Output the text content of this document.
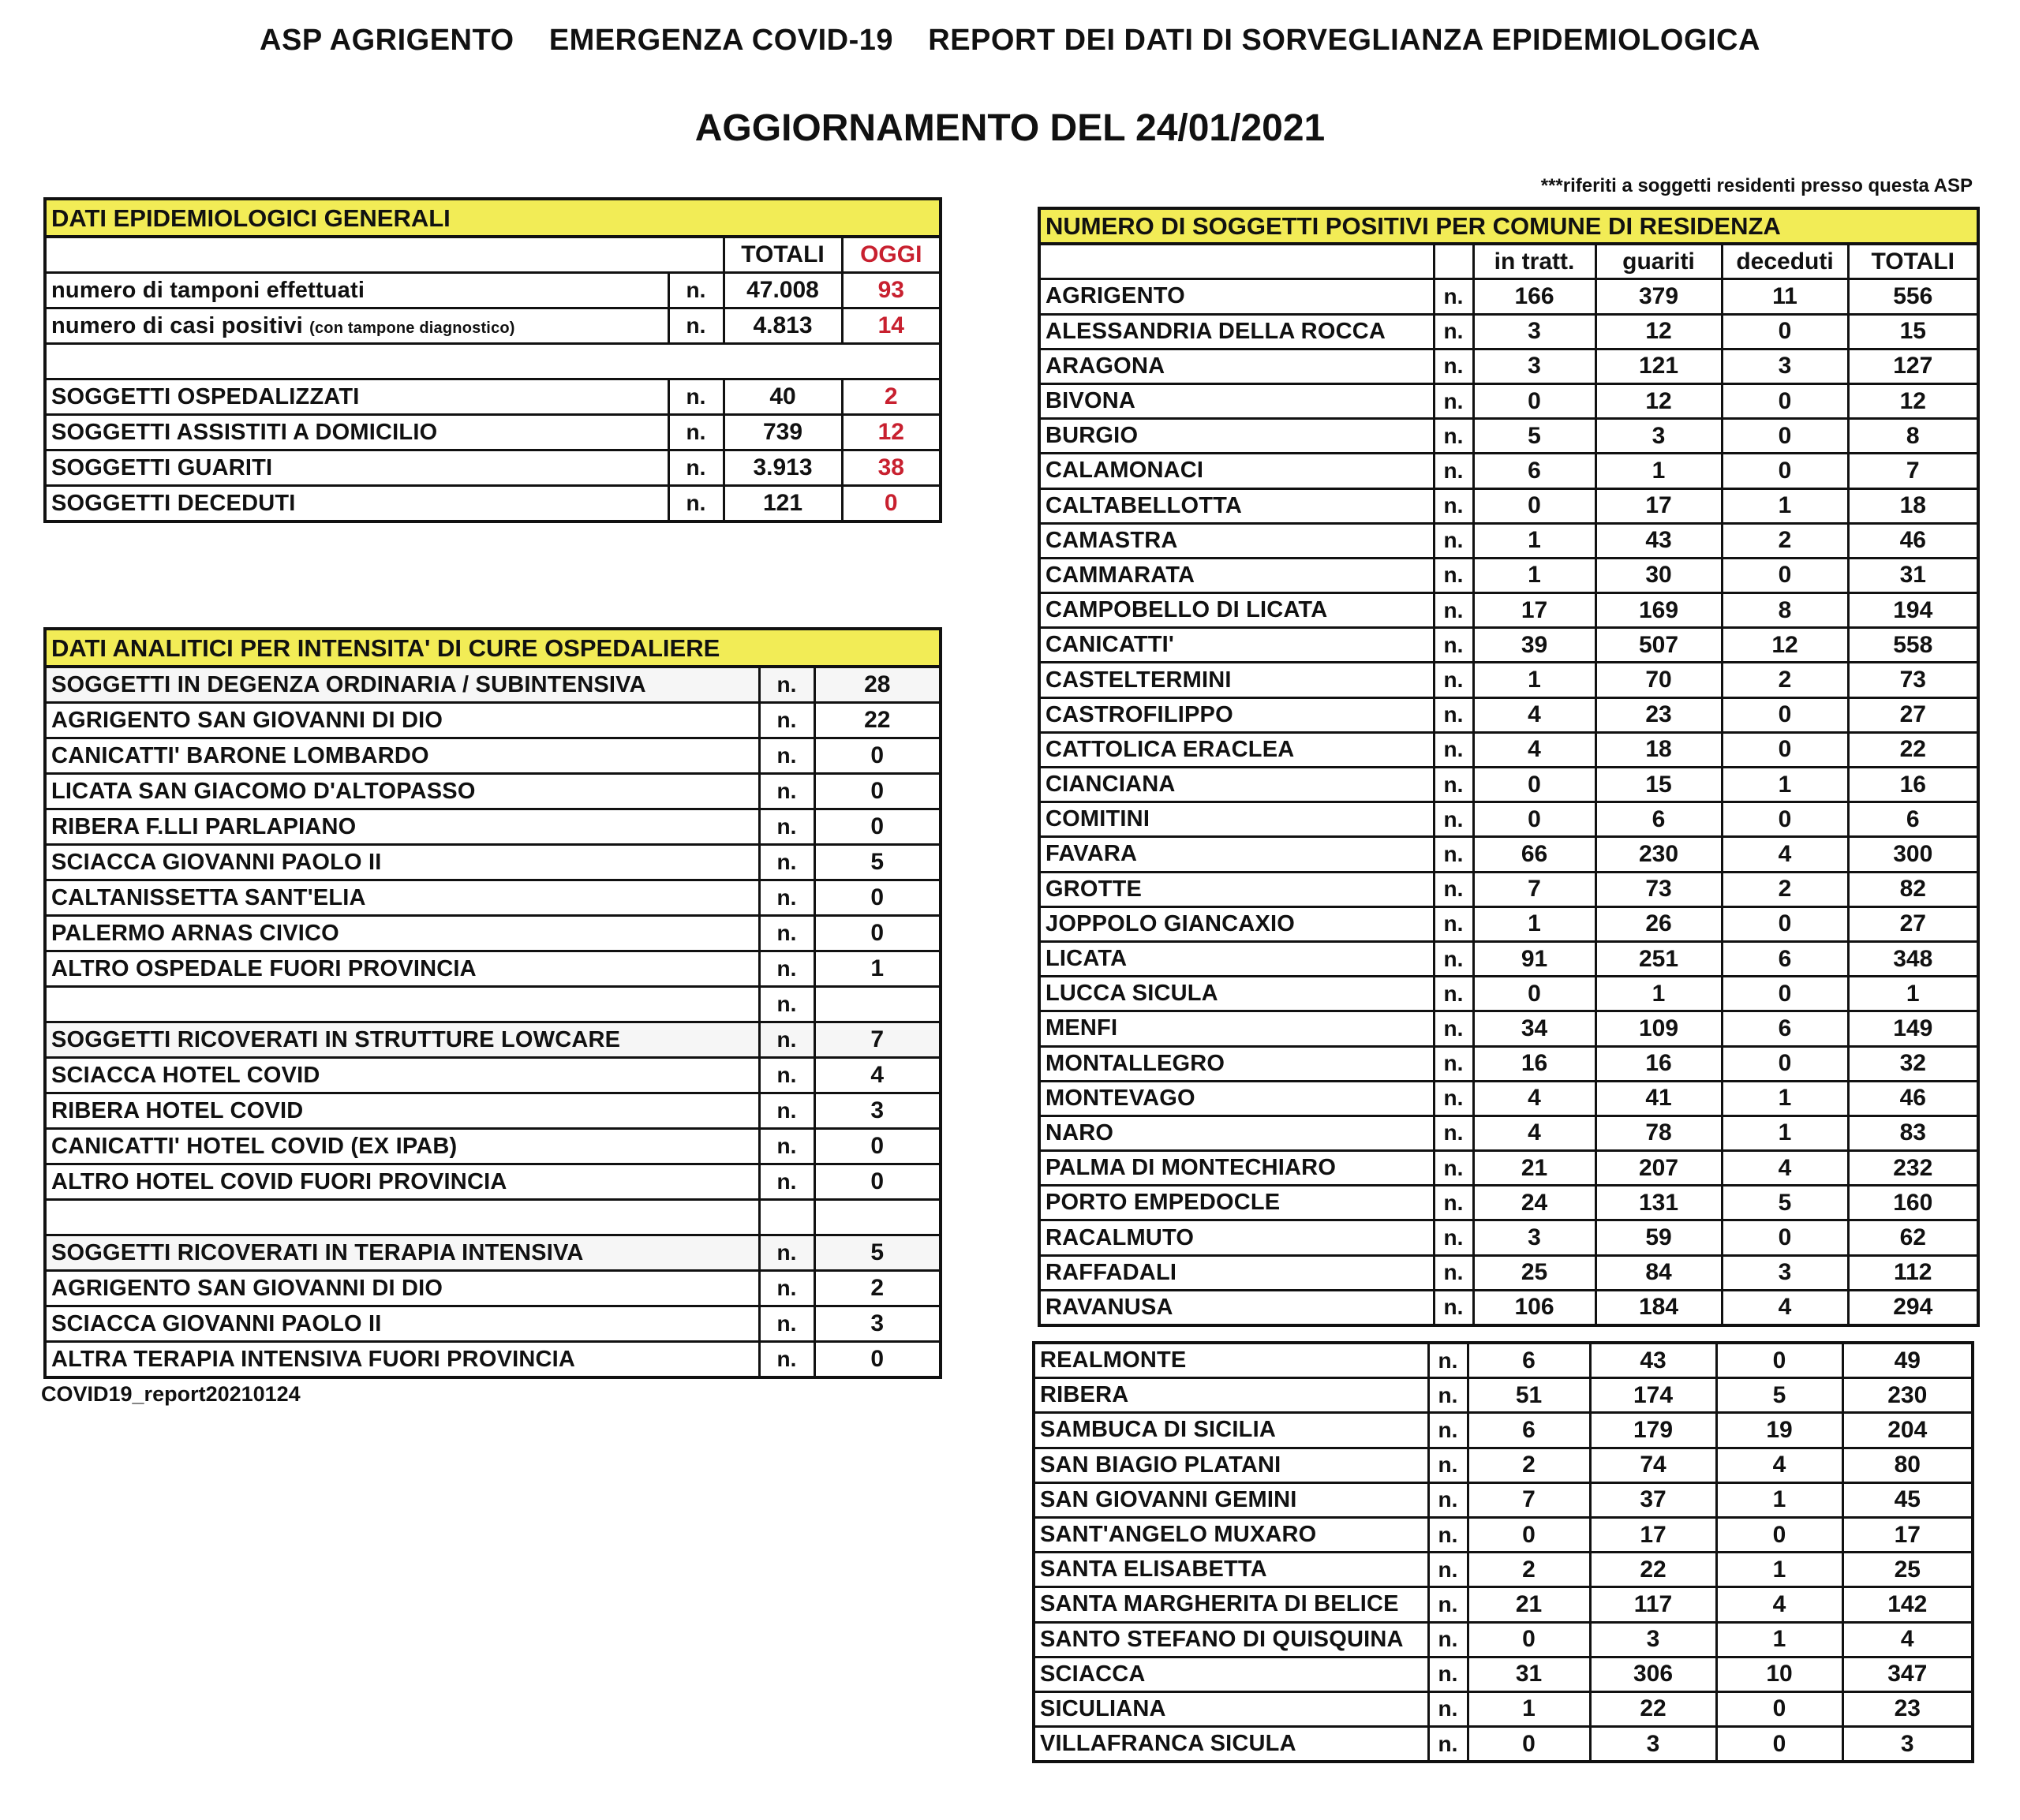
ASP AGRIGENTO EMERGENZA COVID-19 REPORT DEI DATI DI SORVEGLIANZA EPIDEMIOLOGICA
AGGIORNAMENTO DEL 24/01/2021
***riferiti a soggetti residenti presso questa ASP
DATI EPIDEMIOLOGICI GENERALI			
		TOTALI	OGGI
numero di tamponi effettuati	n.	47.008	93
numero di casi positivi (con tampone diagnostico)	n.	4.813	14

SOGGETTI OSPEDALIZZATI	n.	40	2
SOGGETTI ASSISTITI A DOMICILIO	n.	739	12
SOGGETTI GUARITI	n.	3.913	38
SOGGETTI DECEDUTI	n.	121	0
DATI ANALITICI PER INTENSITA' DI CURE OSPEDALIERE		
SOGGETTI IN DEGENZA ORDINARIA / SUBINTENSIVA	n.	28
AGRIGENTO SAN GIOVANNI DI DIO	n.	22
CANICATTI' BARONE LOMBARDO	n.	0
LICATA SAN GIACOMO D'ALTOPASSO	n.	0
RIBERA F.LLI PARLAPIANO	n.	0
SCIACCA GIOVANNI PAOLO II	n.	5
CALTANISSETTA SANT'ELIA	n.	0
PALERMO ARNAS CIVICO	n.	0
ALTRO OSPEDALE FUORI PROVINCIA	n.	1
	n.	
SOGGETTI RICOVERATI IN STRUTTURE LOWCARE	n.	7
SCIACCA HOTEL COVID	n.	4
RIBERA HOTEL COVID	n.	3
CANICATTI' HOTEL COVID (EX IPAB)	n.	0
ALTRO HOTEL COVID FUORI PROVINCIA	n.	0

SOGGETTI RICOVERATI IN TERAPIA INTENSIVA	n.	5
AGRIGENTO SAN GIOVANNI DI DIO	n.	2
SCIACCA GIOVANNI PAOLO II	n.	3
ALTRA TERAPIA INTENSIVA FUORI PROVINCIA	n.	0
COVID19_report20210124
NUMERO DI SOGGETTI POSITIVI PER COMUNE DI RESIDENZA					
		in tratt.	guariti	deceduti	TOTALI
AGRIGENTO	n.	166	379	11	556
ALESSANDRIA DELLA ROCCA	n.	3	12	0	15
ARAGONA	n.	3	121	3	127
BIVONA	n.	0	12	0	12
BURGIO	n.	5	3	0	8
CALAMONACI	n.	6	1	0	7
CALTABELLOTTA	n.	0	17	1	18
CAMASTRA	n.	1	43	2	46
CAMMARATA	n.	1	30	0	31
CAMPOBELLO DI LICATA	n.	17	169	8	194
CANICATTI'	n.	39	507	12	558
CASTELTERMINI	n.	1	70	2	73
CASTROFILIPPO	n.	4	23	0	27
CATTOLICA ERACLEA	n.	4	18	0	22
CIANCIANA	n.	0	15	1	16
COMITINI	n.	0	6	0	6
FAVARA	n.	66	230	4	300
GROTTE	n.	7	73	2	82
JOPPOLO GIANCAXIO	n.	1	26	0	27
LICATA	n.	91	251	6	348
LUCCA SICULA	n.	0	1	0	1
MENFI	n.	34	109	6	149
MONTALLEGRO	n.	16	16	0	32
MONTEVAGO	n.	4	41	1	46
NARO	n.	4	78	1	83
PALMA DI MONTECHIARO	n.	21	207	4	232
PORTO EMPEDOCLE	n.	24	131	5	160
RACALMUTO	n.	3	59	0	62
RAFFADALI	n.	25	84	3	112
RAVANUSA	n.	106	184	4	294
REALMONTE	n.	6	43	0	49
RIBERA	n.	51	174	5	230
SAMBUCA DI SICILIA	n.	6	179	19	204
SAN BIAGIO PLATANI	n.	2	74	4	80
SAN GIOVANNI GEMINI	n.	7	37	1	45
SANT'ANGELO MUXARO	n.	0	17	0	17
SANTA ELISABETTA	n.	2	22	1	25
SANTA MARGHERITA DI BELICE	n.	21	117	4	142
SANTO STEFANO DI QUISQUINA	n.	0	3	1	4
SCIACCA	n.	31	306	10	347
SICULIANA	n.	1	22	0	23
VILLAFRANCA SICULA	n.	0	3	0	3
